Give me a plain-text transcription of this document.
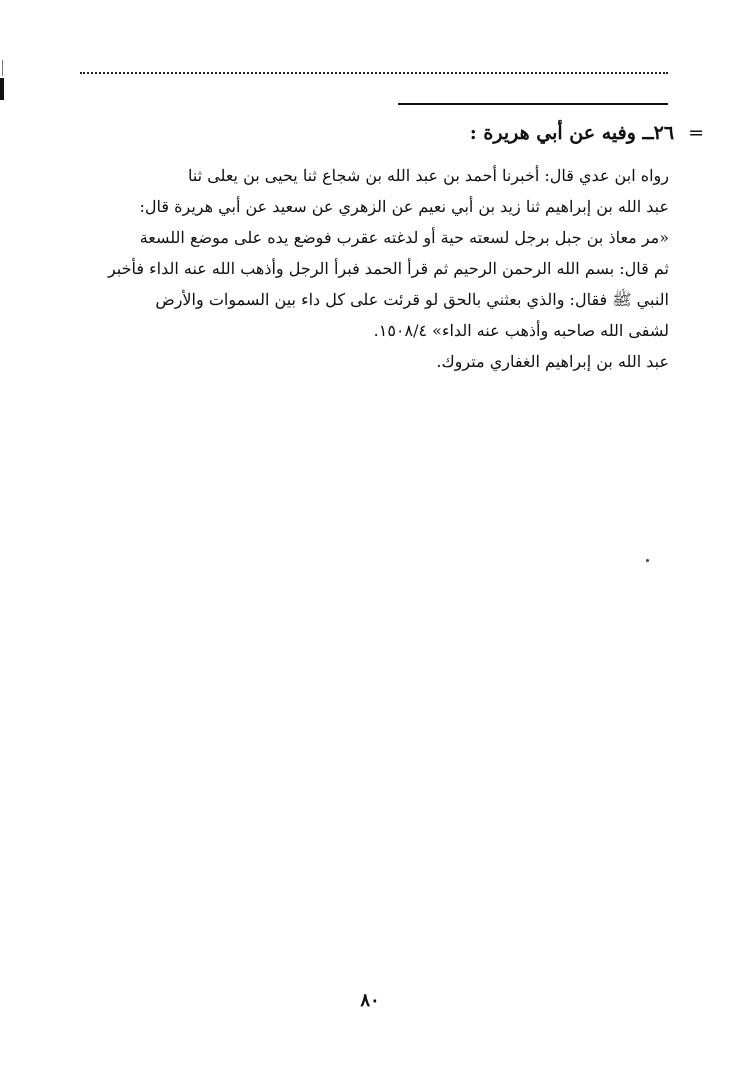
=٢٦ــ وفيه عن أبي هريرة :
رواه ابن عدي قال: أخبرنا أحمد بن عبد الله بن شجاع ثنا يحيى بن يعلى ثنا
عبد الله بن إبراهيم ثنا زيد بن أبي نعيم عن الزهري عن سعيد عن أبي هريرة قال:
«مر معاذ بن جبل برجل لسعته حية أو لدغته عقرب فوضع يده على موضع اللسعة
ثم قال: بسم الله الرحمن الرحيم ثم قرأ الحمد فبرأ الرجل وأذهب الله عنه الداء فأخبر
النبي ﷺ فقال: والذي بعثني بالحق لو قرئت على كل داء بين السموات والأرض
لشفى الله صاحبه وأذهب عنه الداء» ١٥٠٨/٤.
عبد الله بن إبراهيم الغفاري متروك.
٨٠
